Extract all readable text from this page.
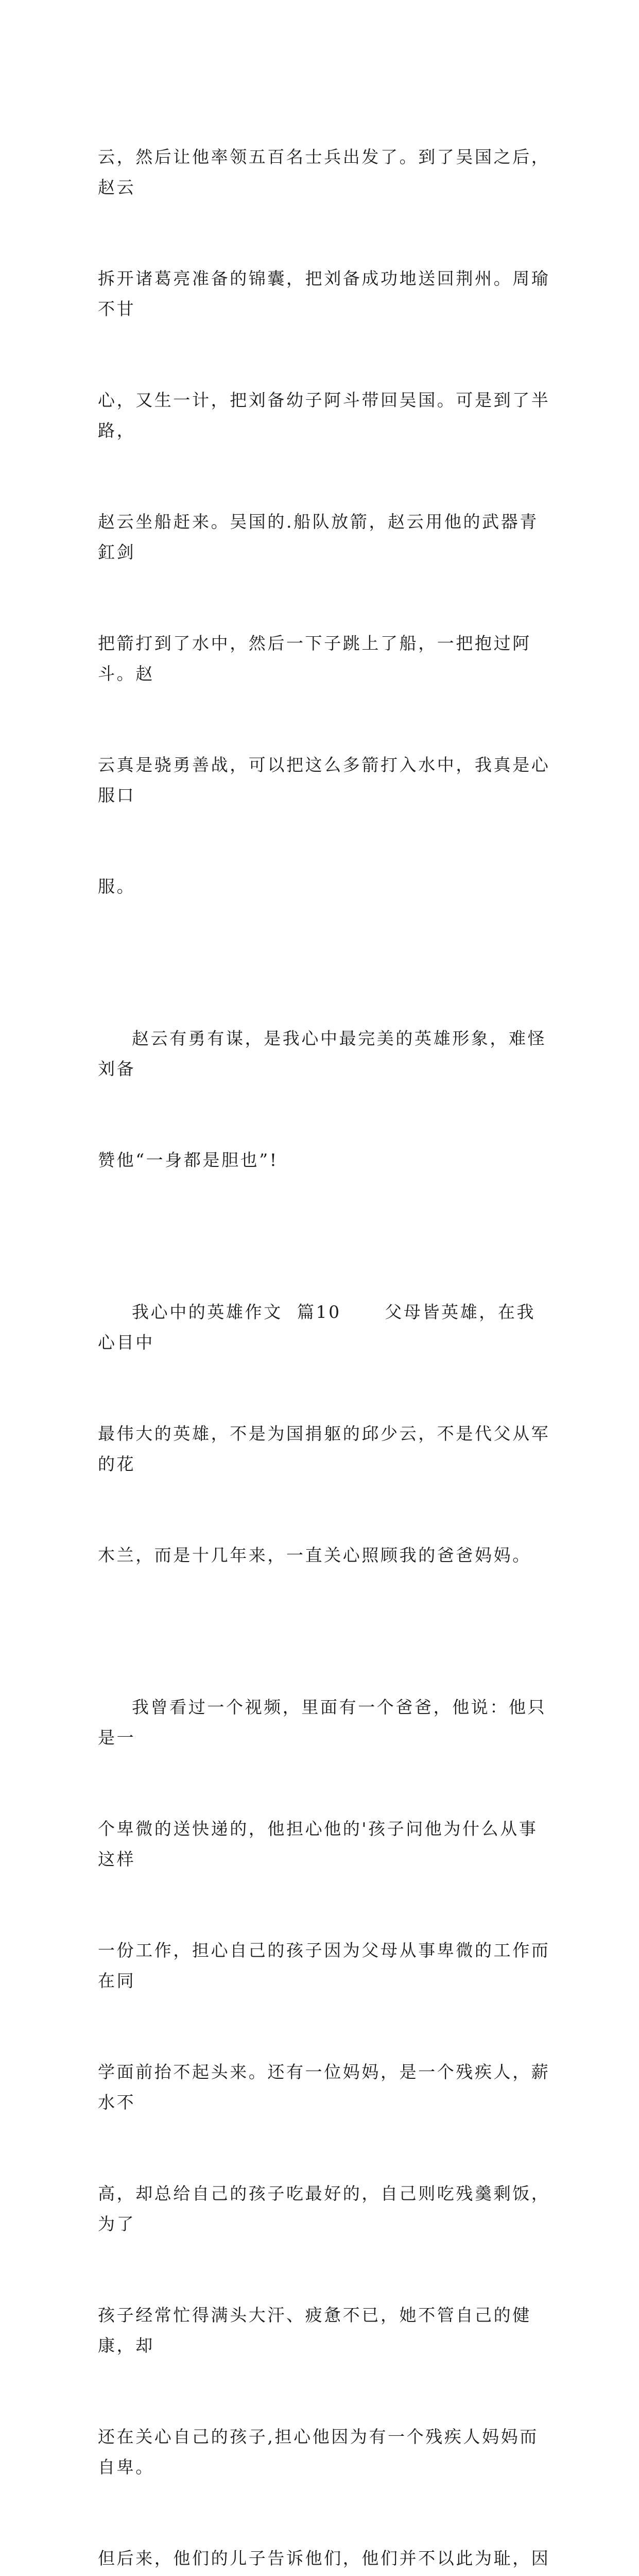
云，然后让他率领五百名士兵出发了。到了吴国之后，赵云

拆开诸葛亮准备的锦囊，把刘备成功地送回荆州。周瑜不甘

心，又生一计，把刘备幼子阿斗带回吴国。可是到了半路，

赵云坐船赶来。吴国的.船队放箭，赵云用他的武器青釭剑

把箭打到了水中，然后一下子跳上了船，一把抱过阿斗。赵

云真是骁勇善战，可以把这么多箭打入水中，我真是心服口

服。

赵云有勇有谋，是我心中最完美的英雄形象，难怪刘备

赞他“一身都是胆也”!

我心中的英雄作文  篇10      父母皆英雄，在我心目中

最伟大的英雄，不是为国捐躯的邱少云，不是代父从军的花

木兰，而是十几年来，一直关心照顾我的爸爸妈妈。

我曾看过一个视频，里面有一个爸爸，他说：他只是一

个卑微的送快递的，他担心他的'孩子问他为什么从事这样

一份工作，担心自己的孩子因为父母从事卑微的工作而在同

学面前抬不起头来。还有一位妈妈，是一个残疾人，薪水不

高，却总给自己的孩子吃最好的，自己则吃残羹剩饭，为了

孩子经常忙得满头大汗、疲惫不已，她不管自己的健康，却

还在关心自己的孩子,担心他因为有一个残疾人妈妈而自卑。

但后来，他们的儿子告诉他们，他们并不以此为耻，因
